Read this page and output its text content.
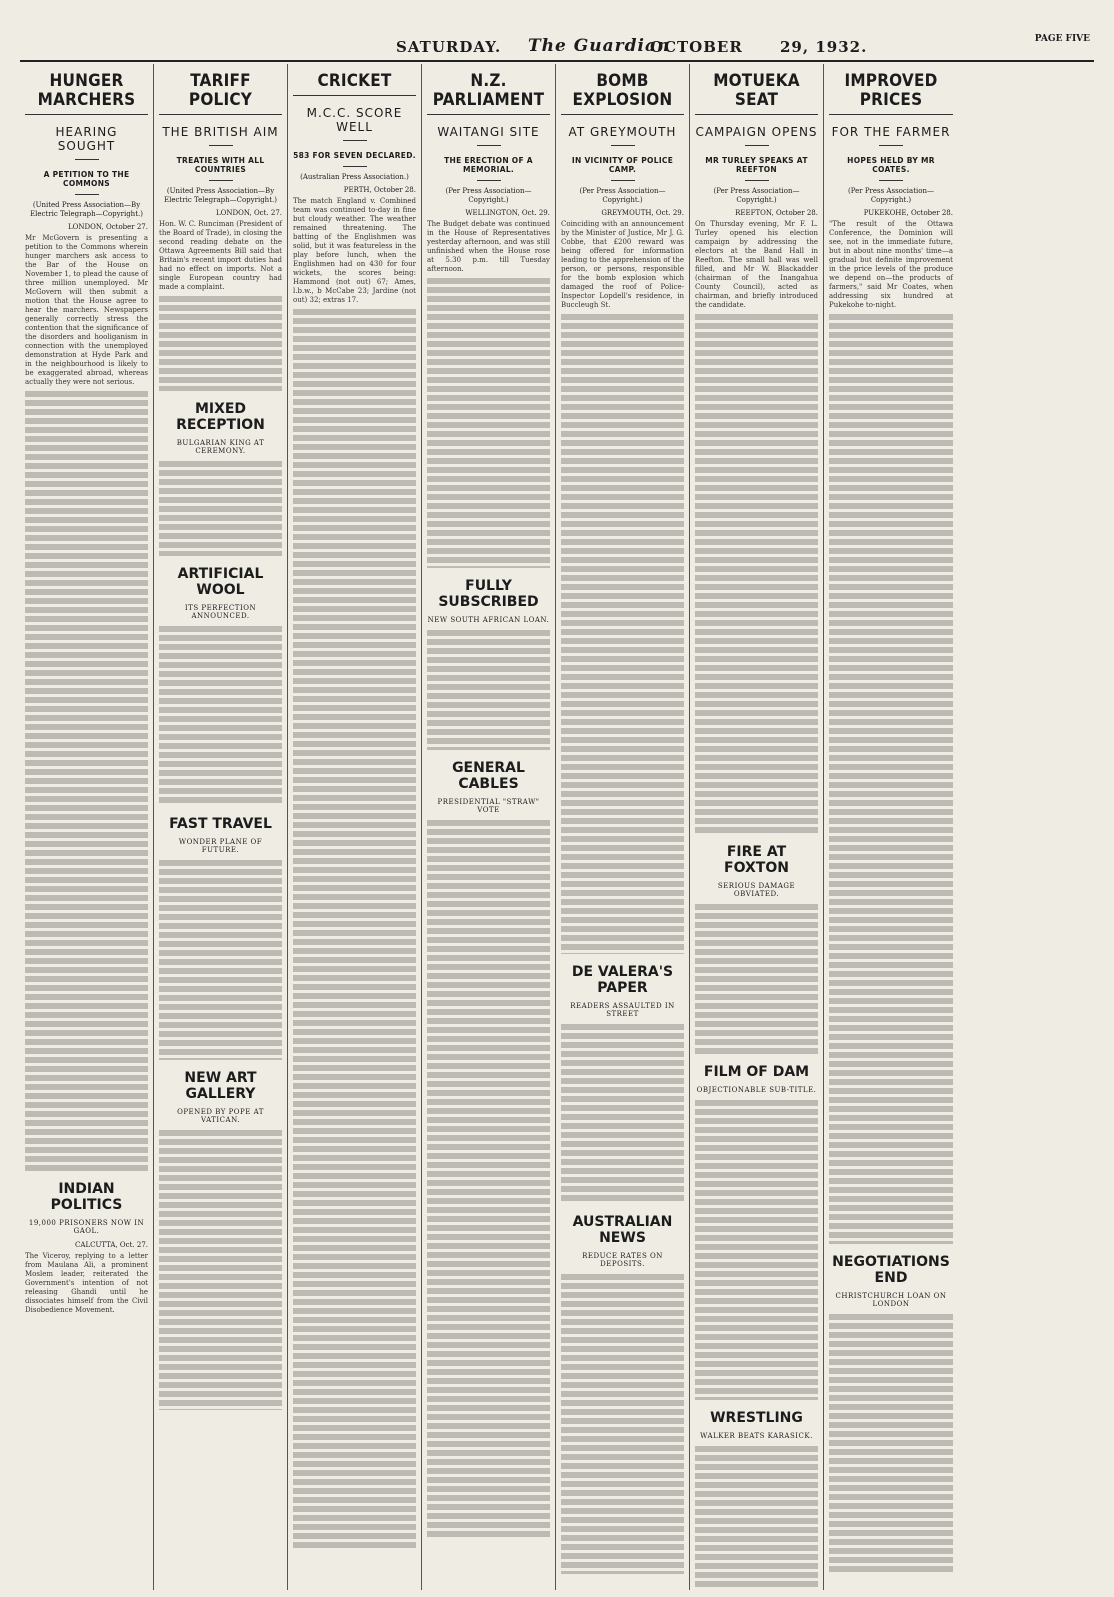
SATURDAY. The Guardian
OCTOBER 29, 1932.	PAGE FIVE
HUNGER MARCHERS
HEARING SOUGHT
A PETITION TO THE COMMONS
(United Press Association—By Electric Telegraph—Copyright.)
LONDON, October 27.

Mr McGovern is presenting a petition to the Commons wherein hunger marchers ask access to the Bar of the House on November 1, to plead the cause of three million unemployed. Mr McGovern will then submit a motion that the House agree to hear the marchers. Newspapers generally correctly stress the contention that the significance of the disorders and hooliganism in connection with the unemployed demonstration at Hyde Park and in the neighbourhood is likely to be exaggerated abroad, whereas actually they were not serious.

INDIAN POLITICS
19,000 PRISONERS NOW IN GAOL.
CALCUTTA, Oct. 27.

The Viceroy, replying to a letter from Maulana Ali, a prominent Moslem leader, reiterated the Government's intention of not releasing Ghandi until he dissociates himself from the Civil Disobedience Movement.

TARIFF POLICY
THE BRITISH AIM
TREATIES WITH ALL COUNTRIES
(United Press Association—By Electric Telegraph—Copyright.)
LONDON, Oct. 27.

Hon. W. C. Runciman (President of the Board of Trade), in closing the second reading debate on the Ottawa Agreements Bill said that Britain's recent import duties had had no effect on imports. Not a single European country had made a complaint.

MIXED RECEPTION
BULGARIAN KING AT CEREMONY.
ARTIFICIAL WOOL
ITS PERFECTION ANNOUNCED.
FAST TRAVEL
WONDER PLANE OF FUTURE.
NEW ART GALLERY
OPENED BY POPE AT VATICAN.
CRICKET
M.C.C. SCORE WELL
583 FOR SEVEN DECLARED.
(Australian Press Association.)
PERTH, October 28.

The match England v. Combined team was continued to-day in fine but cloudy weather. The weather remained threatening. The batting of the Englishmen was solid, but it was featureless in the play before lunch, when the Englishmen had on 430 for four wickets, the scores being: Hammond (not out) 67; Ames, l.b.w., b McCabe 23; Jardine (not out) 32; extras 17.

N.Z. PARLIAMENT
WAITANGI SITE
THE ERECTION OF A MEMORIAL.
(Per Press Association— Copyright.)
WELLINGTON, Oct. 29.

The Budget debate was continued in the House of Representatives yesterday afternoon, and was still unfinished when the House rose at 5.30 p.m. till Tuesday afternoon.

FULLY SUBSCRIBED
NEW SOUTH AFRICAN LOAN.
GENERAL CABLES
PRESIDENTIAL "STRAW" VOTE
BOMB EXPLOSION
AT GREYMOUTH
IN VICINITY OF POLICE CAMP.
(Per Press Association— Copyright.)
GREYMOUTH, Oct. 29.

Coinciding with an announcement by the Minister of Justice, Mr J. G. Cobbe, that £200 reward was being offered for information leading to the apprehension of the person, or persons, responsible for the bomb explosion which damaged the roof of Police-Inspector Lopdell's residence, in Buccleugh St.

DE VALERA'S PAPER
READERS ASSAULTED IN STREET
AUSTRALIAN NEWS
REDUCE RATES ON DEPOSITS.
MOTUEKA SEAT
CAMPAIGN OPENS
MR TURLEY SPEAKS AT REEFTON
(Per Press Association— Copyright.)
REEFTON, October 28.

On Thursday evening, Mr F. L. Turley opened his election campaign by addressing the electors at the Band Hall in Reefton. The small hall was well filled, and Mr W. Blackadder (chairman of the Inangahua County Council), acted as chairman, and briefly introduced the candidate.

FIRE AT FOXTON
SERIOUS DAMAGE OBVIATED.
FILM OF DAM
OBJECTIONABLE SUB-TITLE.
WRESTLING
WALKER BEATS KARASICK.
IMPROVED PRICES
FOR THE FARMER
HOPES HELD BY MR COATES.
(Per Press Association— Copyright.)
PUKEKOHE, October 28.

"The result of the Ottawa Conference, the Dominion will see, not in the immediate future, but in about nine months' time—a gradual but definite improvement in the price levels of the produce we depend on—the products of farmers," said Mr Coates, when addressing six hundred at Pukekohe to-night.

NEGOTIATIONS END
CHRISTCHURCH LOAN ON LONDON
